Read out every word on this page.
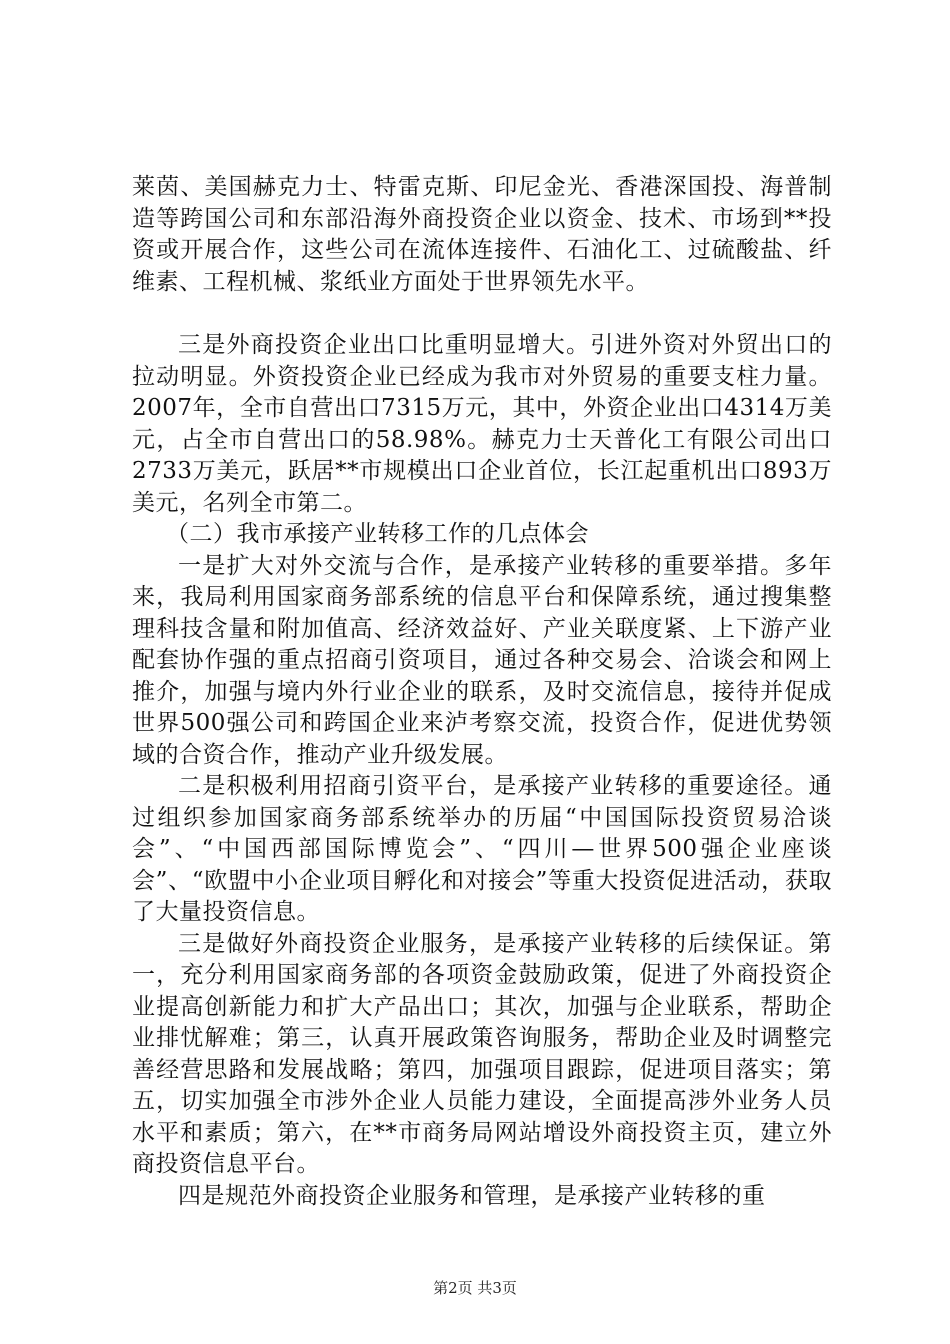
莱茵、美国赫克力士、特雷克斯、印尼金光、香港深国投、海普制造等跨国公司和东部沿海外商投资企业以资金、技术、市场到**投资或开展合作，这些公司在流体连接件、石油化工、过硫酸盐、纤维素、工程机械、浆纸业方面处于世界领先水平。

三是外商投资企业出口比重明显增大。引进外资对外贸出口的拉动明显。外资投资企业已经成为我市对外贸易的重要支柱力量。2007年，全市自营出口7315万元，其中，外资企业出口4314万美元，占全市自营出口的58.98%。赫克力士天普化工有限公司出口2733万美元，跃居**市规模出口企业首位，长江起重机出口893万美元，名列全市第二。

（二）我市承接产业转移工作的几点体会

一是扩大对外交流与合作，是承接产业转移的重要举措。多年来，我局利用国家商务部系统的信息平台和保障系统，通过搜集整理科技含量和附加值高、经济效益好、产业关联度紧、上下游产业配套协作强的重点招商引资项目，通过各种交易会、洽谈会和网上推介，加强与境内外行业企业的联系，及时交流信息，接待并促成世界500强公司和跨国企业来泸考察交流，投资合作，促进优势领域的合资合作，推动产业升级发展。

二是积极利用招商引资平台，是承接产业转移的重要途径。通过组织参加国家商务部系统举办的历届“中国国际投资贸易洽谈会”、“中国西部国际博览会”、“四川—世界500强企业座谈会”、“欧盟中小企业项目孵化和对接会”等重大投资促进活动，获取了大量投资信息。

三是做好外商投资企业服务，是承接产业转移的后续保证。第一，充分利用国家商务部的各项资金鼓励政策，促进了外商投资企业提高创新能力和扩大产品出口；其次，加强与企业联系，帮助企业排忧解难；第三，认真开展政策咨询服务，帮助企业及时调整完善经营思路和发展战略；第四，加强项目跟踪，促进项目落实；第五，切实加强全市涉外企业人员能力建设，全面提高涉外业务人员水平和素质；第六，在**市商务局网站增设外商投资主页，建立外商投资信息平台。

四是规范外商投资企业服务和管理，是承接产业转移的重

第2页 共3页
